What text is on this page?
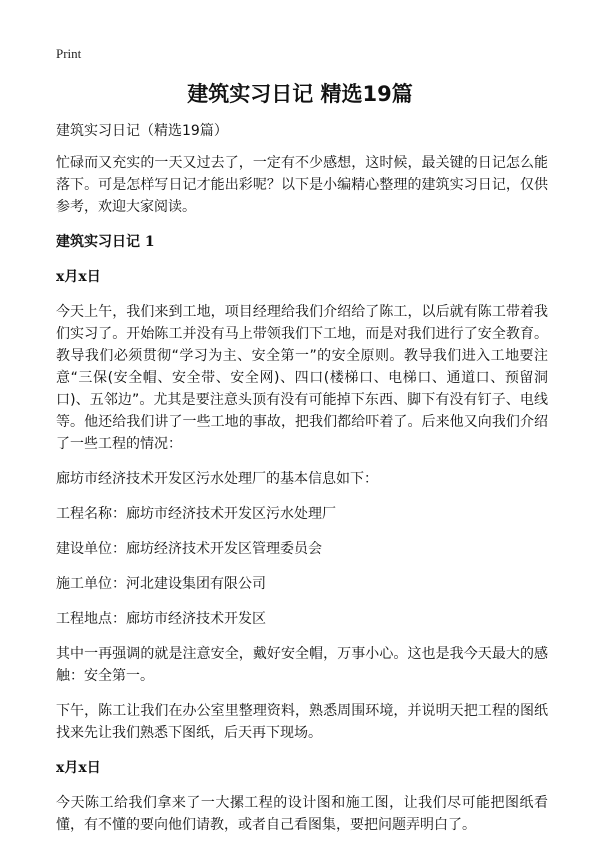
Print
建筑实习日记 精选19篇

建筑实习日记（精选19篇）

忙碌而又充实的一天又过去了，一定有不少感想，这时候，最关键的日记怎么能落下。可是怎样写日记才能出彩呢？以下是小编精心整理的建筑实习日记，仅供参考，欢迎大家阅读。

建筑实习日记 1

x月x日

今天上午，我们来到工地，项目经理给我们介绍给了陈工，以后就有陈工带着我们实习了。开始陈工并没有马上带领我们下工地，而是对我们进行了安全教育。教导我们必须贯彻“学习为主、安全第一”的安全原则。教导我们进入工地要注意“三保(安全帽、安全带、安全网)、四口(楼梯口、电梯口、通道口、预留洞口)、五邻边”。尤其是要注意头顶有没有可能掉下东西、脚下有没有钉子、电线等。他还给我们讲了一些工地的事故，把我们都给吓着了。后来他又向我们介绍了一些工程的情况：

廊坊市经济技术开发区污水处理厂的基本信息如下：

工程名称：廊坊市经济技术开发区污水处理厂

建设单位：廊坊经济技术开发区管理委员会

施工单位：河北建设集团有限公司

工程地点：廊坊市经济技术开发区

其中一再强调的就是注意安全，戴好安全帽，万事小心。这也是我今天最大的感触：安全第一。

下午，陈工让我们在办公室里整理资料，熟悉周围环境，并说明天把工程的图纸找来先让我们熟悉下图纸，后天再下现场。

x月x日

今天陈工给我们拿来了一大摞工程的设计图和施工图，让我们尽可能把图纸看懂，有不懂的要向他们请教，或者自己看图集，要把问题弄明白了。
